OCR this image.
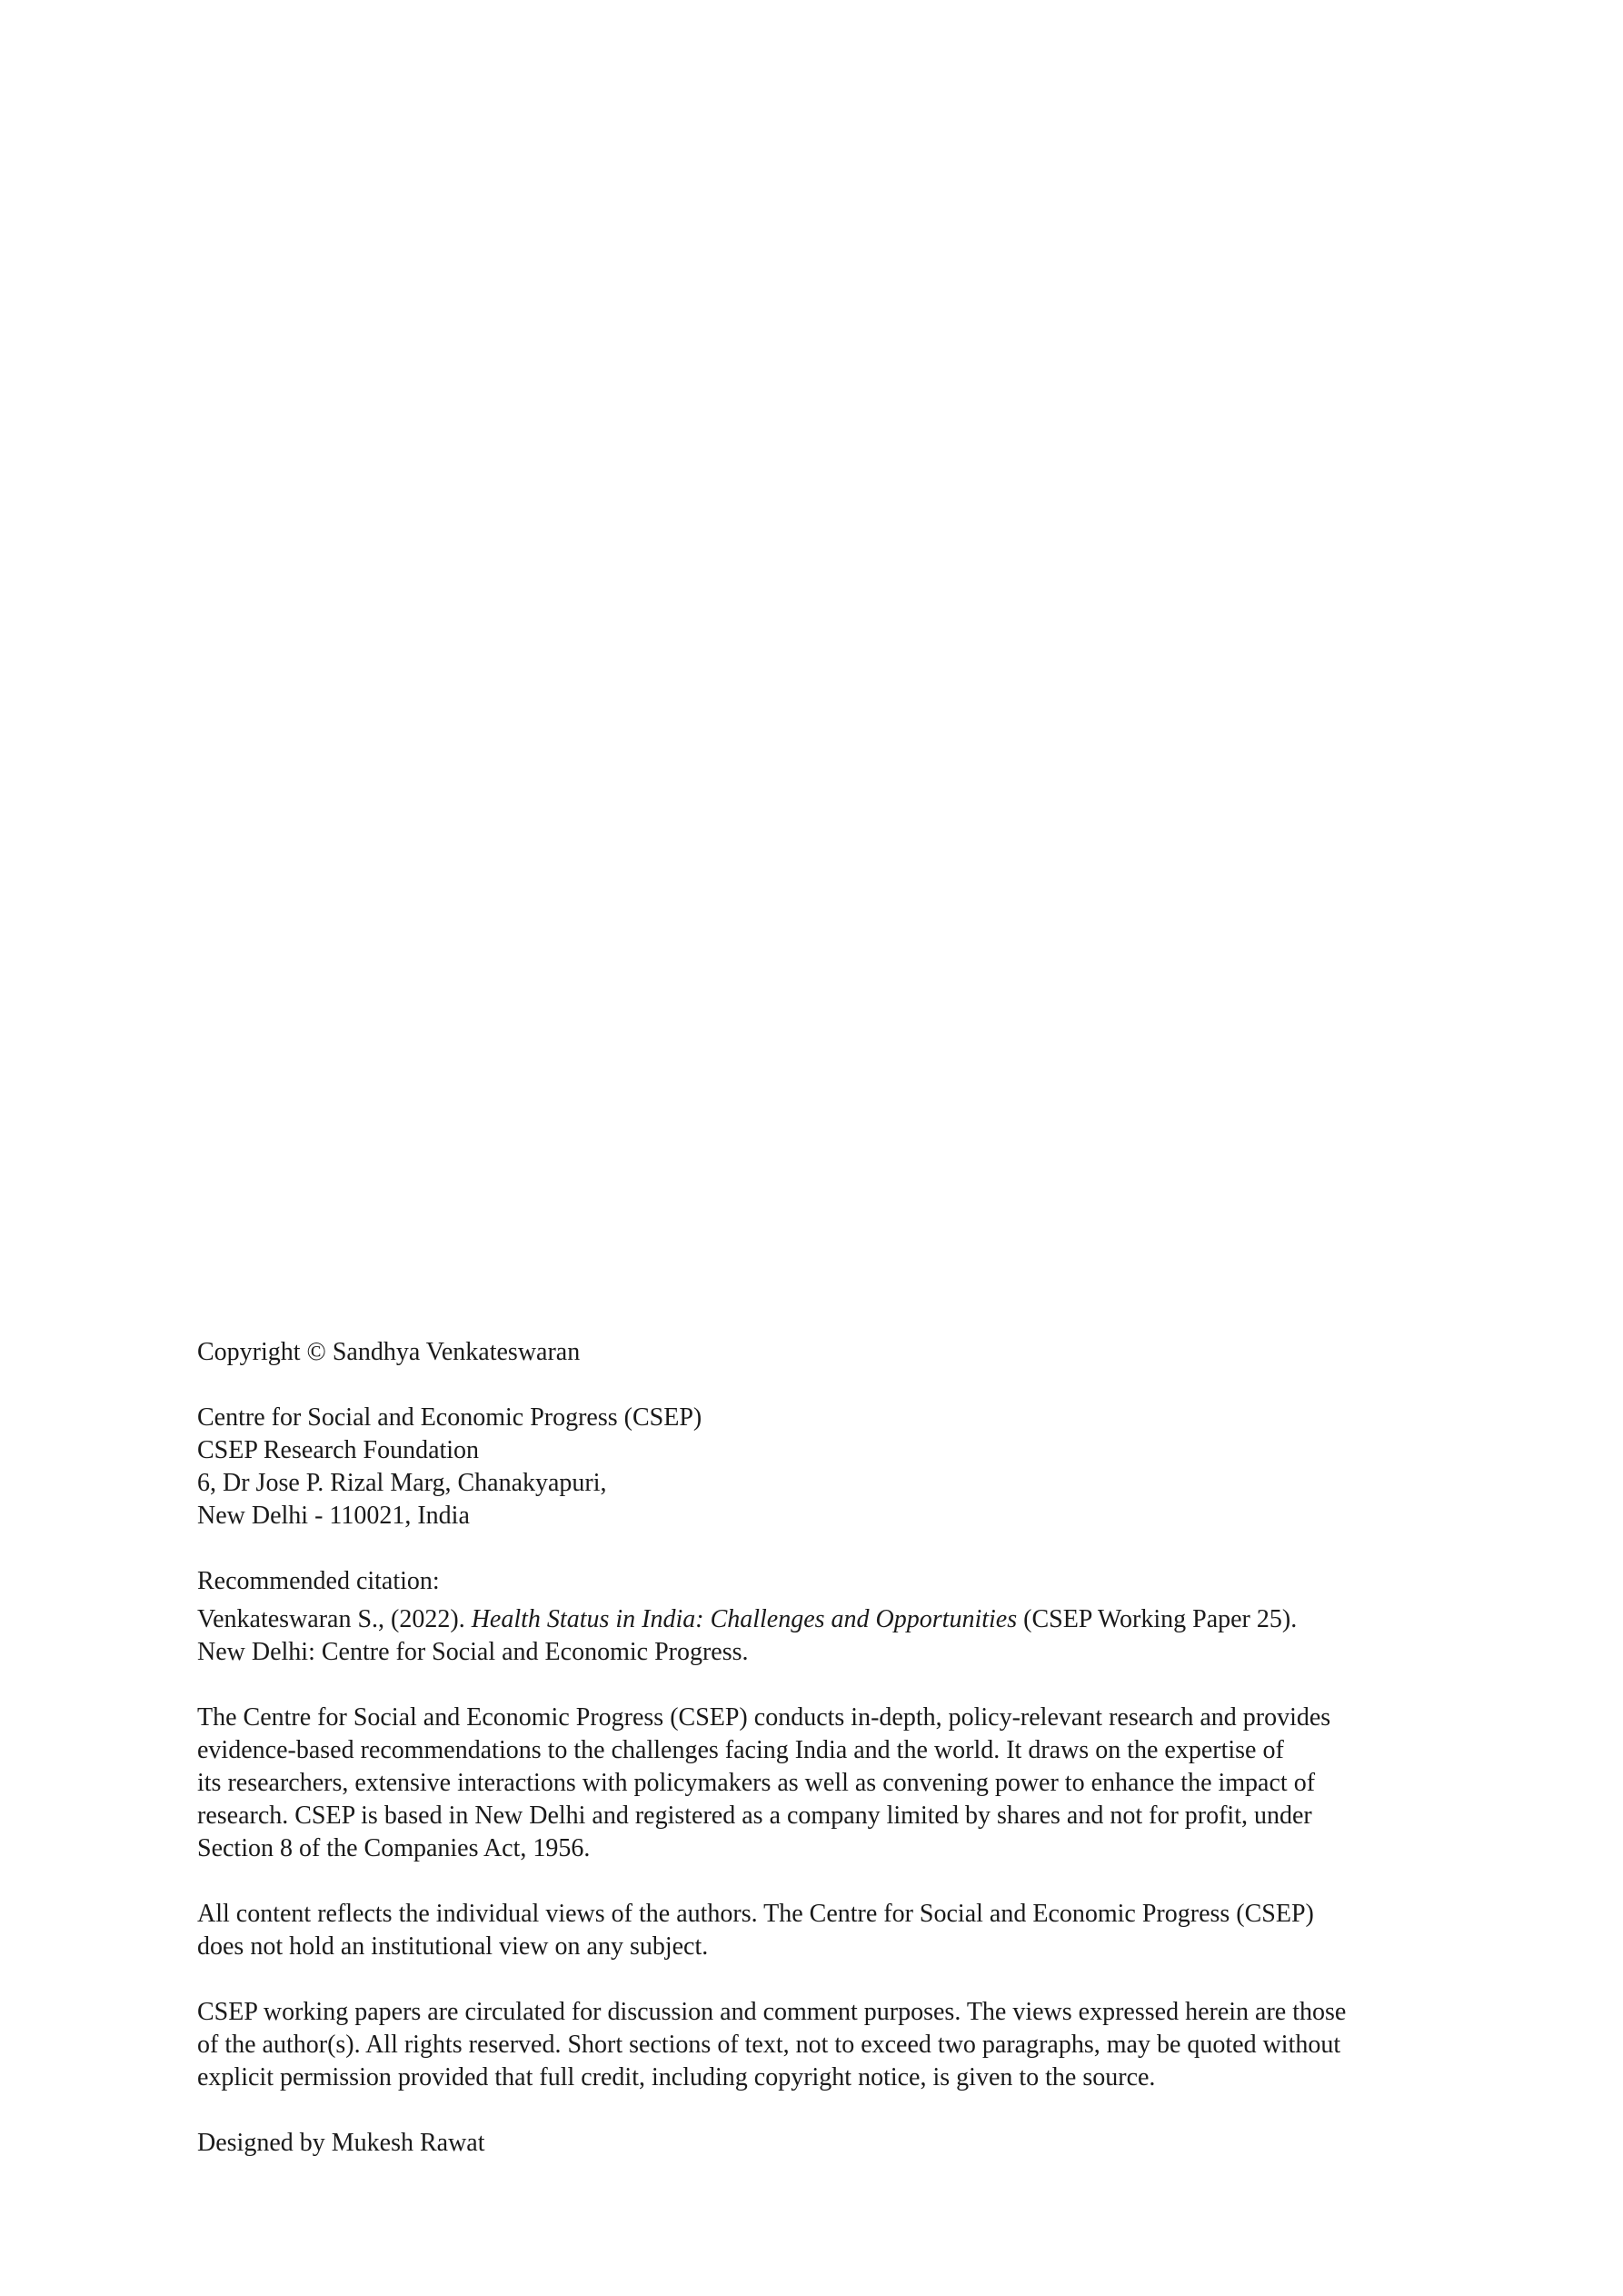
Copyright © Sandhya Venkateswaran

Centre for Social and Economic Progress (CSEP)
CSEP Research Foundation
6, Dr Jose P. Rizal Marg, Chanakyapuri,
New Delhi - 110021, India

Recommended citation:

Venkateswaran S., (2022). Health Status in India: Challenges and Opportunities (CSEP Working Paper 25).
New Delhi: Centre for Social and Economic Progress.

The Centre for Social and Economic Progress (CSEP) conducts in-depth, policy-relevant research and provides
evidence-based recommendations to the challenges facing India and the world. It draws on the expertise of
its researchers, extensive interactions with policymakers as well as convening power to enhance the impact of
research. CSEP is based in New Delhi and registered as a company limited by shares and not for profit, under
Section 8 of the Companies Act, 1956.

All content reflects the individual views of the authors. The Centre for Social and Economic Progress (CSEP)
does not hold an institutional view on any subject.

CSEP working papers are circulated for discussion and comment purposes. The views expressed herein are those
of the author(s). All rights reserved. Short sections of text, not to exceed two paragraphs, may be quoted without
explicit permission provided that full credit, including copyright notice, is given to the source.

Designed by Mukesh Rawat
